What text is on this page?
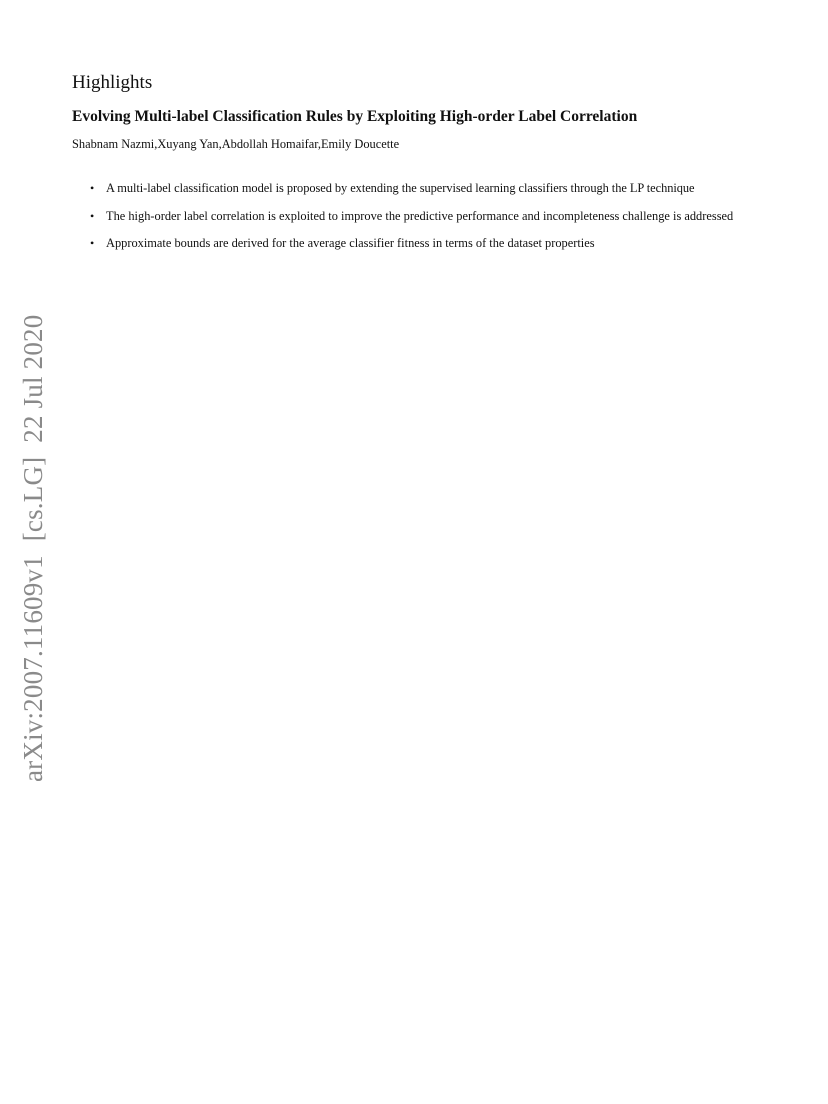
Highlights
Evolving Multi-label Classification Rules by Exploiting High-order Label Correlation

Shabnam Nazmi,Xuyang Yan,Abdollah Homaifar,Emily Doucette

• A multi-label classification model is proposed by extending the supervised learning classifiers through the LP technique
• The high-order label correlation is exploited to improve the predictive performance and incompleteness challenge is addressed
• Approximate bounds are derived for the average classifier fitness in terms of the dataset properties
arXiv:2007.11609v1  [cs.LG]  22 Jul 2020
